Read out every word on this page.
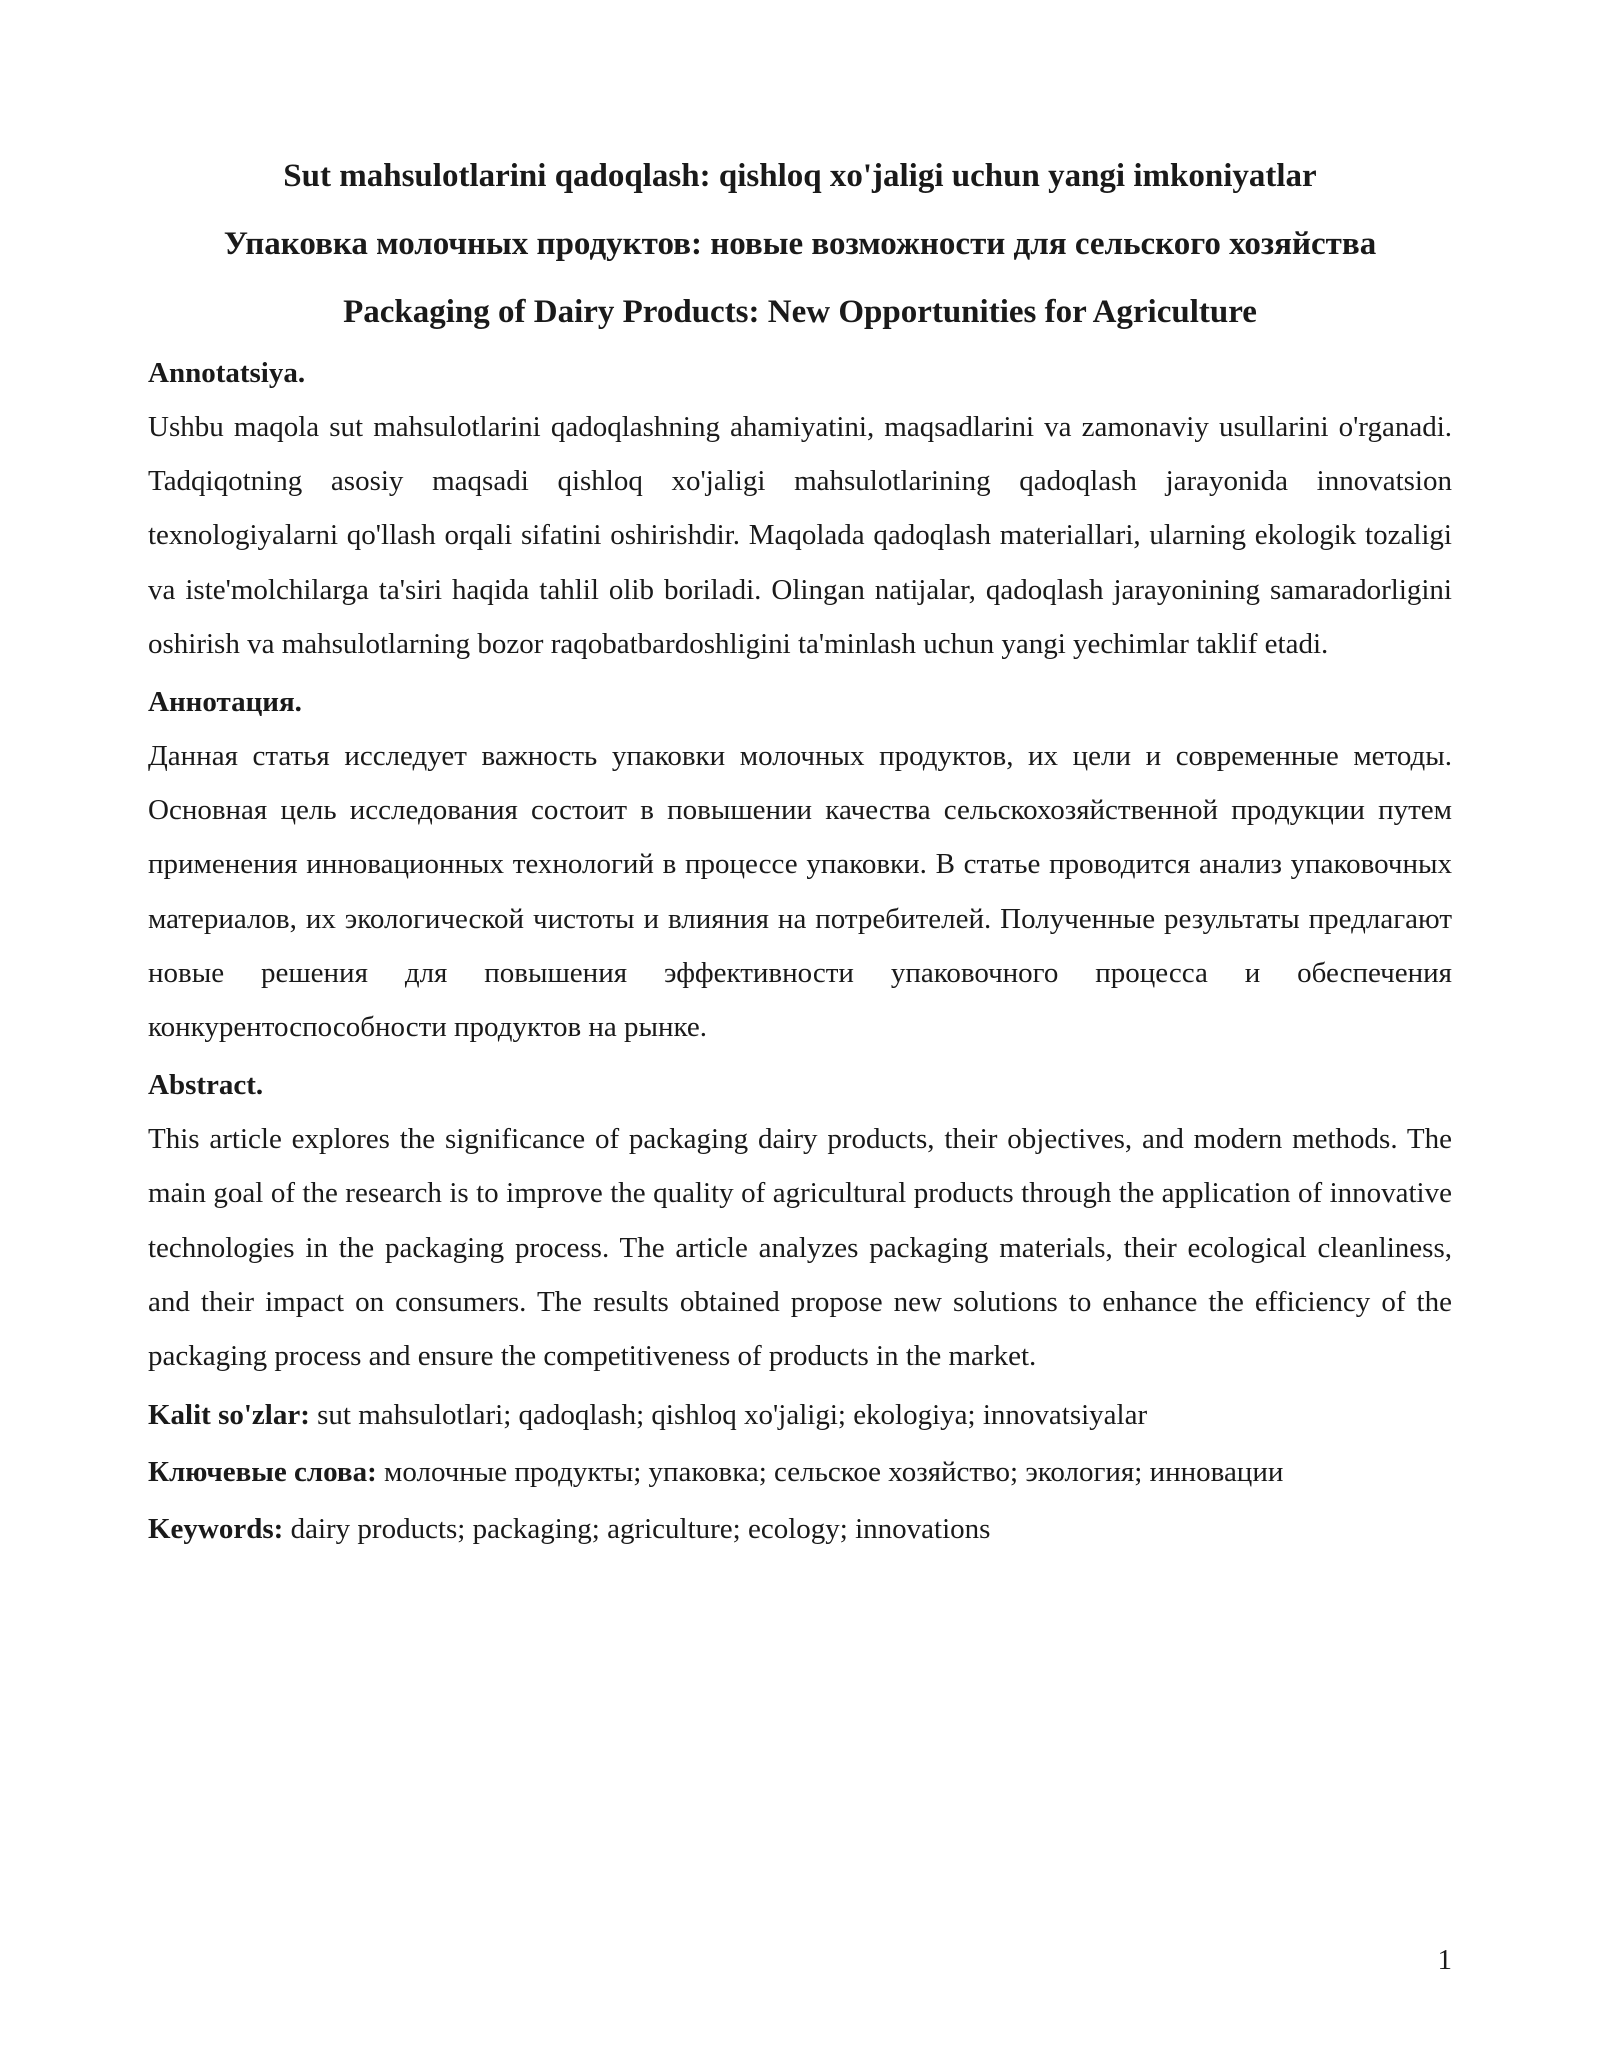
Sut mahsulotlarini qadoqlash: qishloq xo'jaligi uchun yangi imkoniyatlar

Упаковка молочных продуктов: новые возможности для сельского хозяйства

Packaging of Dairy Products: New Opportunities for Agriculture

Annotatsiya.

Ushbu maqola sut mahsulotlarini qadoqlashning ahamiyatini, maqsadlarini va zamonaviy usullarini o'rganadi. Tadqiqotning asosiy maqsadi qishloq xo'jaligi mahsulotlarining qadoqlash jarayonida innovatsion texnologiyalarni qo'llash orqali sifatini oshirishdir. Maqolada qadoqlash materiallari, ularning ekologik tozaligi va iste'molchilarga ta'siri haqida tahlil olib boriladi. Olingan natijalar, qadoqlash jarayonining samaradorligini oshirish va mahsulotlarning bozor raqobatbardoshligini ta'minlash uchun yangi yechimlar taklif etadi.

Аннотация.

Данная статья исследует важность упаковки молочных продуктов, их цели и современные методы. Основная цель исследования состоит в повышении качества сельскохозяйственной продукции путем применения инновационных технологий в процессе упаковки. В статье проводится анализ упаковочных материалов, их экологической чистоты и влияния на потребителей. Полученные результаты предлагают новые решения для повышения эффективности упаковочного процесса и обеспечения конкурентоспособности продуктов на рынке.

Abstract.

This article explores the significance of packaging dairy products, their objectives, and modern methods. The main goal of the research is to improve the quality of agricultural products through the application of innovative technologies in the packaging process. The article analyzes packaging materials, their ecological cleanliness, and their impact on consumers. The results obtained propose new solutions to enhance the efficiency of the packaging process and ensure the competitiveness of products in the market.

Kalit so'zlar: sut mahsulotlari; qadoqlash; qishloq xo'jaligi; ekologiya; innovatsiyalar

Ключевые слова: молочные продукты; упаковка; сельское хозяйство; экология; инновации

Keywords: dairy products; packaging; agriculture; ecology; innovations

1
